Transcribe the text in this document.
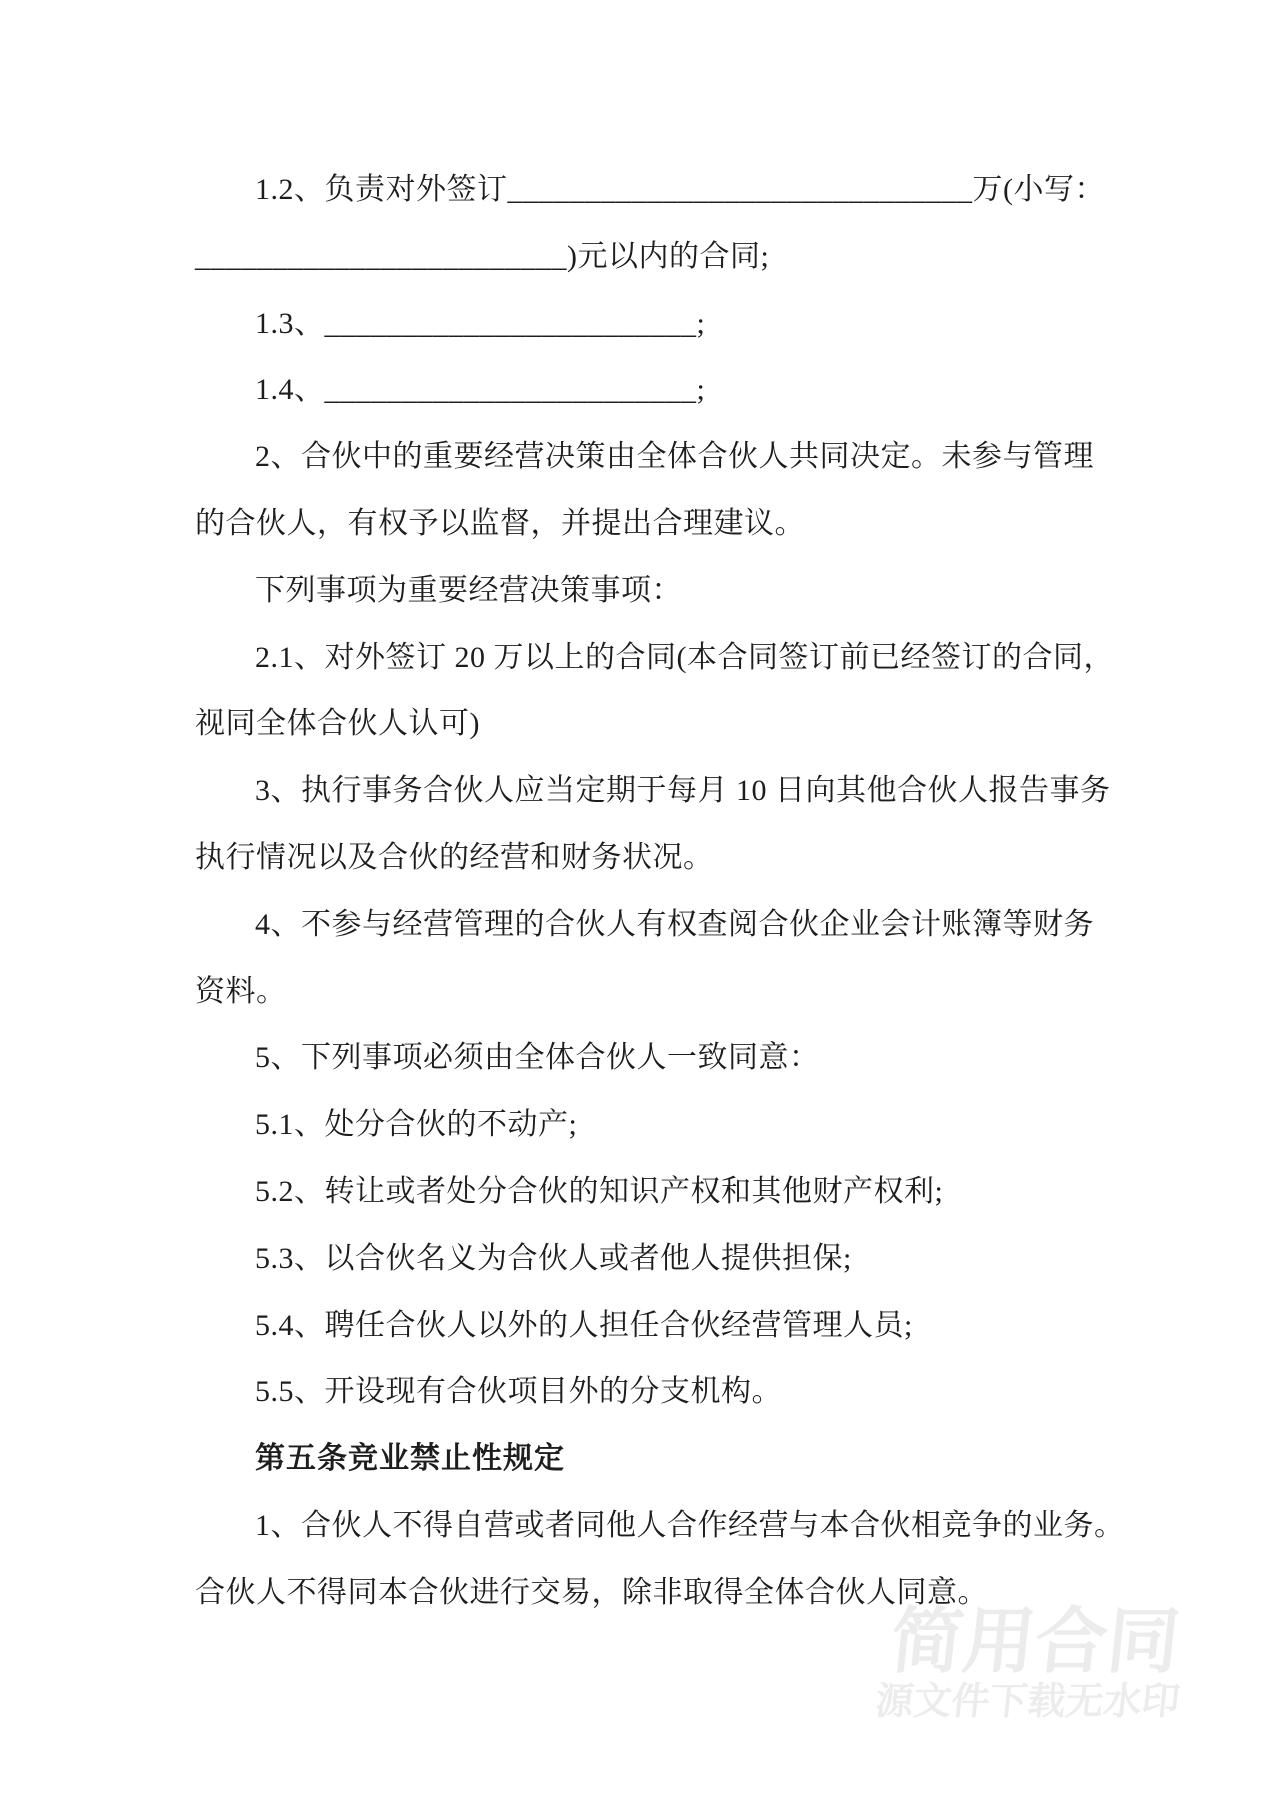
1.2、负责对外签订______________________________万(小写：
________________________)元以内的合同;
1.3、________________________;
1.4、________________________;
2、合伙中的重要经营决策由全体合伙人共同决定。未参与管理
的合伙人，有权予以监督，并提出合理建议。
下列事项为重要经营决策事项：
2.1、对外签订 20 万以上的合同(本合同签订前已经签订的合同，
视同全体合伙人认可)
3、执行事务合伙人应当定期于每月 10 日向其他合伙人报告事务
执行情况以及合伙的经营和财务状况。
4、不参与经营管理的合伙人有权查阅合伙企业会计账簿等财务
资料。
5、下列事项必须由全体合伙人一致同意：
5.1、处分合伙的不动产;
5.2、转让或者处分合伙的知识产权和其他财产权利;
5.3、以合伙名义为合伙人或者他人提供担保;
5.4、聘任合伙人以外的人担任合伙经营管理人员;
5.5、开设现有合伙项目外的分支机构。
第五条竞业禁止性规定
1、合伙人不得自营或者同他人合作经营与本合伙相竞争的业务。
合伙人不得同本合伙进行交易，除非取得全体合伙人同意。
简用合同
源文件下载无水印
